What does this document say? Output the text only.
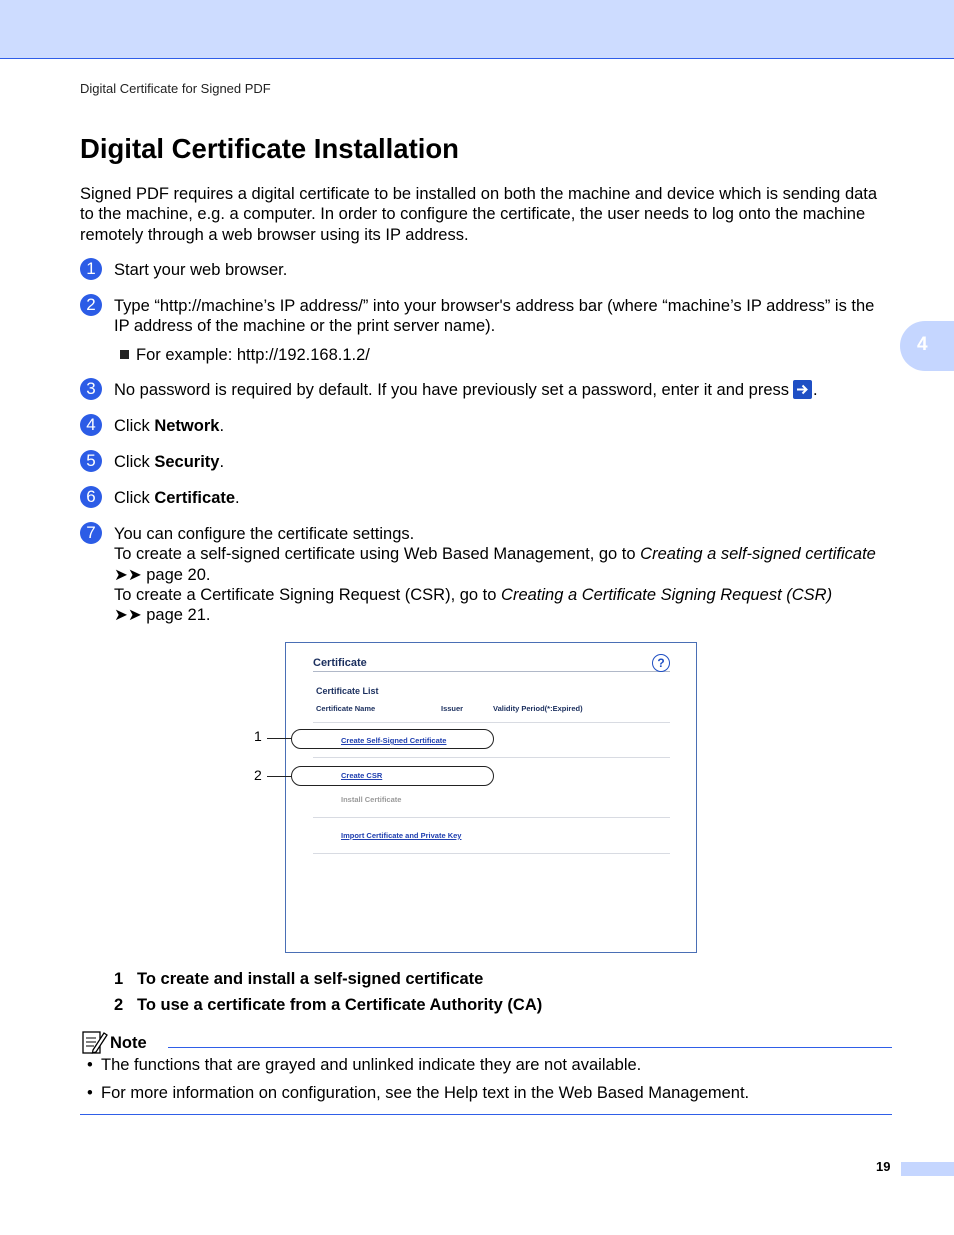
Digital Certificate for Signed PDF
4
Digital Certificate Installation

Signed PDF requires a digital certificate to be installed on both the machine and device which is sending data to the machine, e.g. a computer. In order to configure the certificate, the user needs to log onto the machine remotely through a web browser using its IP address.

1	Start your web browser.
2	Type “http://machine’s IP address/” into your browser's address bar (where “machine’s IP address” is the IP address of the machine or the print server name).
For example: http://192.168.1.2/
3	No password is required by default. If you have previously set a password, enter it and press .
4	Click Network.
5	Click Security.
6	Click Certificate.
7	You can configure the certificate settings.
To create a self-signed certificate using Web Based Management, go to Creating a self-signed certificate
➤➤ page 20.
To create a Certificate Signing Request (CSR), go to Creating a Certificate Signing Request (CSR)
➤➤ page 21.
Certificate	?
Certificate List
Certificate Name	Issuer	Validity Period(*:Expired)
Create Self-Signed Certificate
Create CSR
Install Certificate
Import Certificate and Private Key
1
2
1 To create and install a self-signed certificate
2 To use a certificate from a Certificate Authority (CA)
Note
• The functions that are grayed and unlinked indicate they are not available.
• For more information on configuration, see the Help text in the Web Based Management.
19
